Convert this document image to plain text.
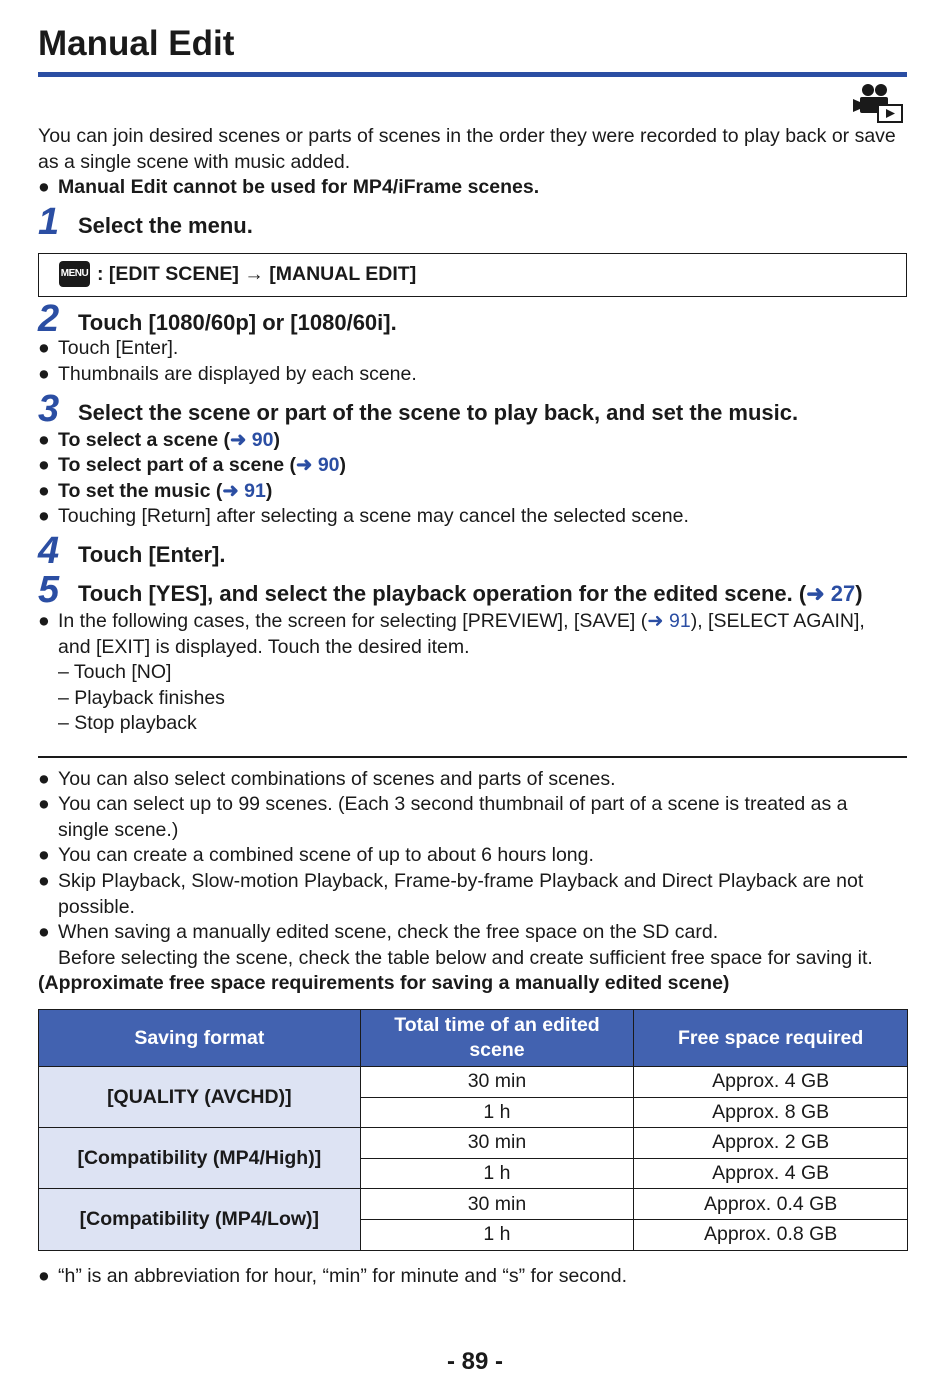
Manual Edit
You can join desired scenes or parts of scenes in the order they were recorded to play back or save
as a single scene with music added.
● Manual Edit cannot be used for MP4/iFrame scenes.
1 Select the menu.
MENU : [EDIT SCENE] → [MANUAL EDIT]
2 Touch [1080/60p] or [1080/60i].
● Touch [Enter].
● Thumbnails are displayed by each scene.
3 Select the scene or part of the scene to play back, and set the music.
● To select a scene (➜ 90)
● To select part of a scene (➜ 90)
● To set the music (➜ 91)
● Touching [Return] after selecting a scene may cancel the selected scene.
4 Touch [Enter].
5 Touch [YES], and select the playback operation for the edited scene. (➜ 27)
● In the following cases, the screen for selecting [PREVIEW], [SAVE] (➜ 91), [SELECT AGAIN],
and [EXIT] is displayed. Touch the desired item.
– Touch [NO]
– Playback finishes
– Stop playback
● You can also select combinations of scenes and parts of scenes.
● You can select up to 99 scenes. (Each 3 second thumbnail of part of a scene is treated as a
single scene.)
● You can create a combined scene of up to about 6 hours long.
● Skip Playback, Slow-motion Playback, Frame-by-frame Playback and Direct Playback are not
possible.
● When saving a manually edited scene, check the free space on the SD card.
Before selecting the scene, check the table below and create sufficient free space for saving it.
(Approximate free space requirements for saving a manually edited scene)
Saving format	Total time of an edited scene	Free space required
[QUALITY (AVCHD)]	30 min	Approx. 4 GB
	1 h	Approx. 8 GB
[Compatibility (MP4/High)]	30 min	Approx. 2 GB
	1 h	Approx. 4 GB
[Compatibility (MP4/Low)]	30 min	Approx. 0.4 GB
	1 h	Approx. 0.8 GB
● “h” is an abbreviation for hour, “min” for minute and “s” for second.
- 89 -
